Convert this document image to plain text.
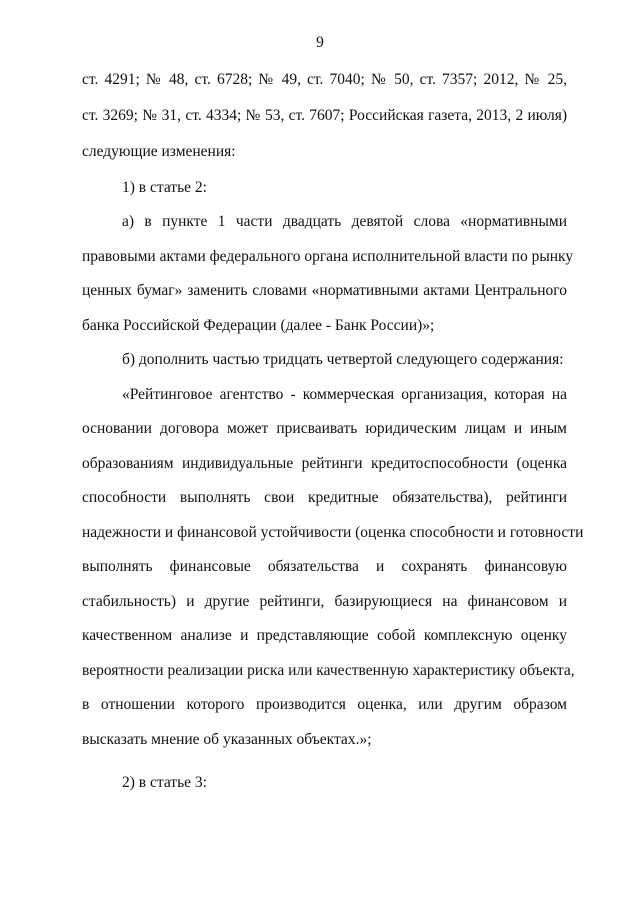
9
ст. 4291; № 48, ст. 6728; № 49, ст. 7040; № 50, ст. 7357; 2012, № 25,
ст. 3269; № 31, ст. 4334; № 53, ст. 7607; Российская газета, 2013, 2 июля)
следующие изменения:
1) в статье 2:
а) в пункте 1 части двадцать девятой слова «нормативными
правовыми актами федерального органа исполнительной власти по рынку
ценных бумаг» заменить словами «нормативными актами Центрального
банка Российской Федерации (далее - Банк России)»;
б) дополнить частью тридцать четвертой следующего содержания:
«Рейтинговое агентство - коммерческая организация, которая на
основании договора может присваивать юридическим лицам и иным
образованиям индивидуальные рейтинги кредитоспособности (оценка
способности выполнять свои кредитные обязательства), рейтинги
надежности и финансовой устойчивости (оценка способности и готовности
выполнять финансовые обязательства и сохранять финансовую
стабильность) и другие рейтинги, базирующиеся на финансовом и
качественном анализе и представляющие собой комплексную оценку
вероятности реализации риска или качественную характеристику объекта,
в отношении которого производится оценка, или другим образом
высказать мнение об указанных объектах.»;
2) в статье 3:
